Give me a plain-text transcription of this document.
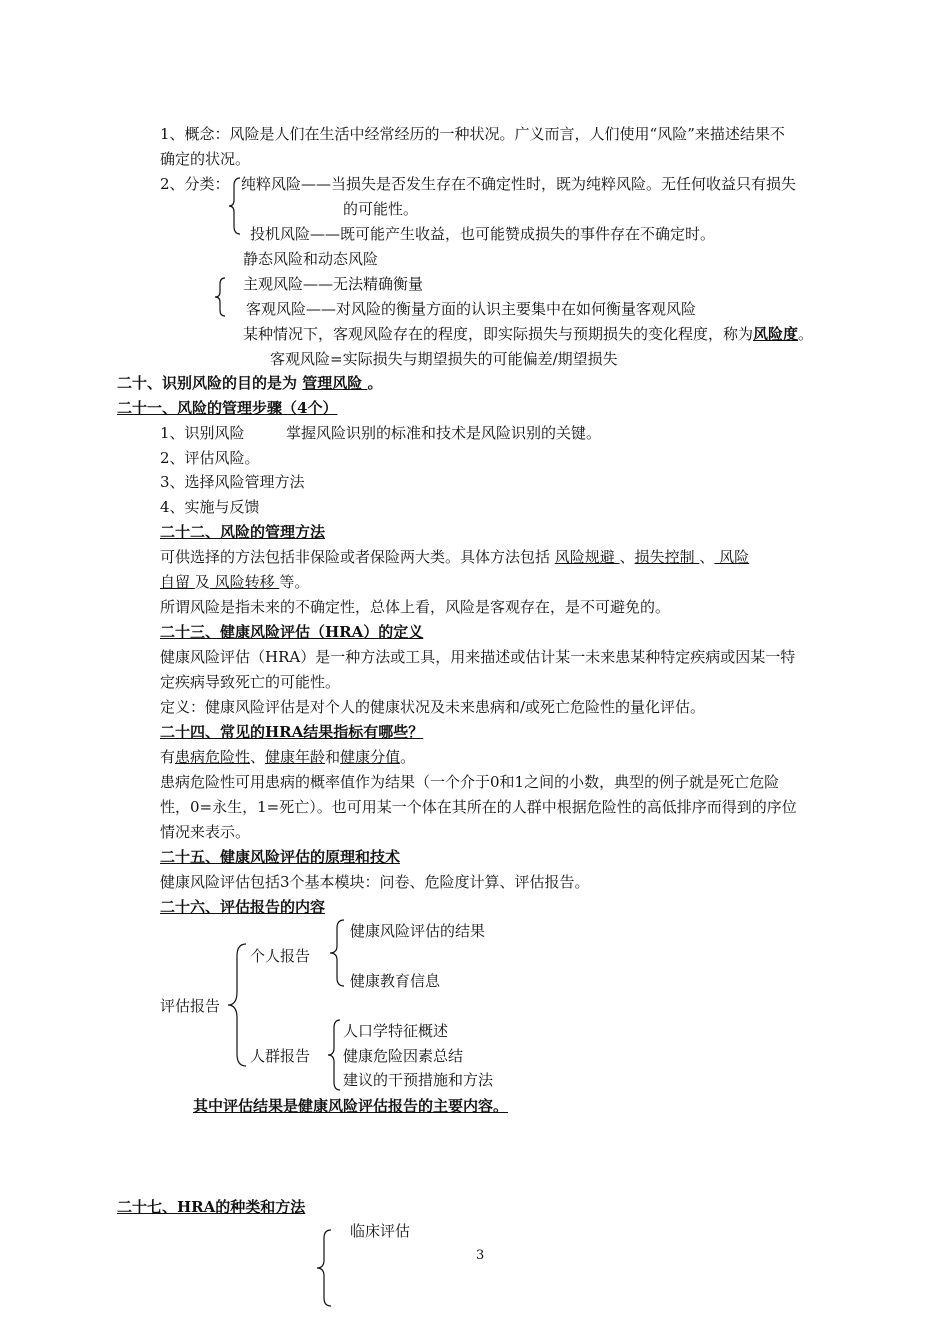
1、概念：风险是人们在生活中经常经历的一种状况。广义而言，人们使用“风险”来描述结果不
确定的状况。
2、分类： 纯粹风险——当损失是否发生存在不确定性时，既为纯粹风险。无任何收益只有损失
的可能性。
投机风险——既可能产生收益，也可能赞成损失的事件存在不确定时。
静态风险和动态风险
主观风险——无法精确衡量
客观风险——对风险的衡量方面的认识主要集中在如何衡量客观风险
某种情况下，客观风险存在的程度，即实际损失与预期损失的变化程度，称为风险度。
客观风险=实际损失与期望损失的可能偏差/期望损失
二十、识别风险的目的是为 管理风险 。
二十一、风险的管理步骤（4个）
1、识别风险	掌握风险识别的标准和技术是风险识别的关键。
2、评估风险。
3、选择风险管理方法
4、实施与反馈
二十二、风险的管理方法
可供选择的方法包括非保险或者保险两大类。具体方法包括 风险规避 、损失控制 、 风险
自留 及 风险转移 等。
所谓风险是指未来的不确定性，总体上看，风险是客观存在，是不可避免的。
二十三、健康风险评估（HRA）的定义
健康风险评估（HRA）是一种方法或工具，用来描述或估计某一未来患某种特定疾病或因某一特
定疾病导致死亡的可能性。
定义：健康风险评估是对个人的健康状况及未来患病和/或死亡危险性的量化评估。
二十四、常见的HRA结果指标有哪些？
有患病危险性、健康年龄和健康分值。
患病危险性可用患病的概率值作为结果（一个介于0和1之间的小数，典型的例子就是死亡危险
性，0=永生，1=死亡）。也可用某一个体在其所在的人群中根据危险性的高低排序而得到的序位
情况来表示。
二十五、健康风险评估的原理和技术
健康风险评估包括3个基本模块：问卷、危险度计算、评估报告。
二十六、评估报告的内容
评估报告
个人报告
健康风险评估的结果
健康教育信息
人群报告
人口学特征概述
健康危险因素总结
建议的干预措施和方法
其中评估结果是健康风险评估报告的主要内容。
二十七、HRA的种类和方法
临床评估
3
